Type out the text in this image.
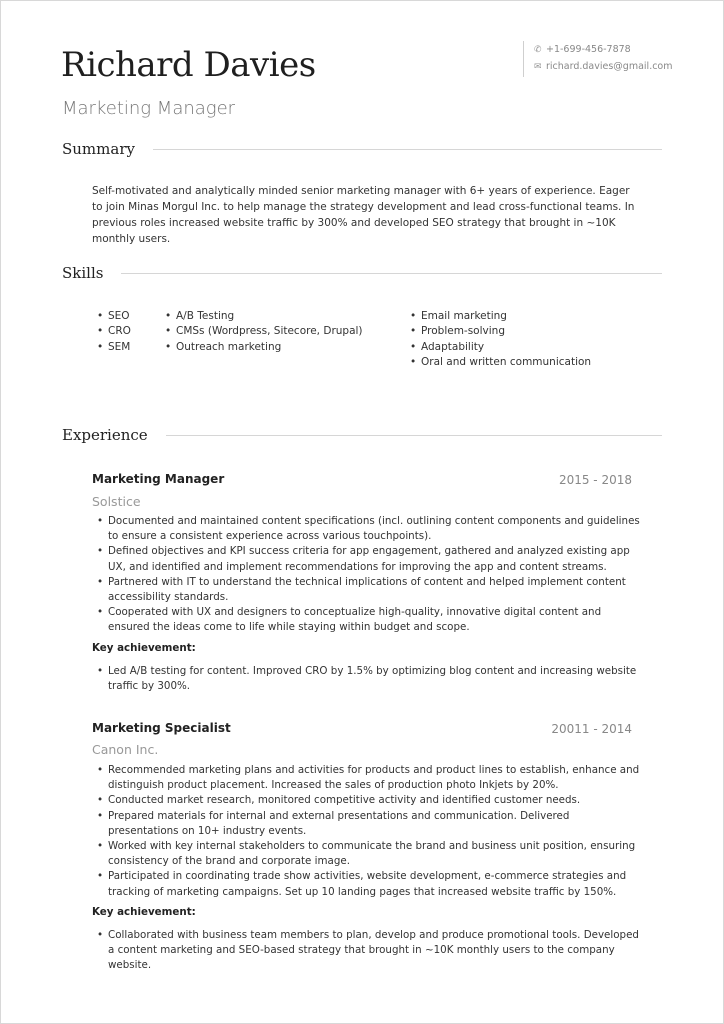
Richard Davies
Marketing Manager
✆ +1-699-456-7878
✉ richard.davies@gmail.com
Summary
Self-motivated and analytically minded senior marketing manager with 6+ years of experience. Eager to join Minas Morgul Inc. to help manage the strategy development and lead cross-functional teams. In previous roles increased website traffic by 300% and developed SEO strategy that brought in ~10K monthly users.
Skills
• SEO
• CRO
• SEM
• A/B Testing
• CMSs (Wordpress, Sitecore, Drupal)
• Outreach marketing
• Email marketing
• Problem-solving
• Adaptability
• Oral and written communication
Experience
Marketing Manager	2015 - 2018
Solstice
• Documented and maintained content specifications (incl. outlining content components and guidelines to ensure a consistent experience across various touchpoints).
• Defined objectives and KPI success criteria for app engagement, gathered and analyzed existing app UX, and identified and implement recommendations for improving the app and content streams.
• Partnered with IT to understand the technical implications of content and helped implement content accessibility standards.
• Cooperated with UX and designers to conceptualize high-quality, innovative digital content and ensured the ideas come to life while staying within budget and scope.
Key achievement:
• Led A/B testing for content. Improved CRO by 1.5% by optimizing blog content and increasing website traffic by 300%.
Marketing Specialist	20011 - 2014
Canon Inc.
• Recommended marketing plans and activities for products and product lines to establish, enhance and distinguish product placement. Increased the sales of production photo Inkjets by 20%.
• Conducted market research, monitored competitive activity and identified customer needs.
• Prepared materials for internal and external presentations and communication. Delivered presentations on 10+ industry events.
• Worked with key internal stakeholders to communicate the brand and business unit position, ensuring consistency of the brand and corporate image.
• Participated in coordinating trade show activities, website development, e-commerce strategies and tracking of marketing campaigns. Set up 10 landing pages that increased website traffic by 150%.
Key achievement:
• Collaborated with business team members to plan, develop and produce promotional tools. Developed a content marketing and SEO-based strategy that brought in ~10K monthly users to the company website.
